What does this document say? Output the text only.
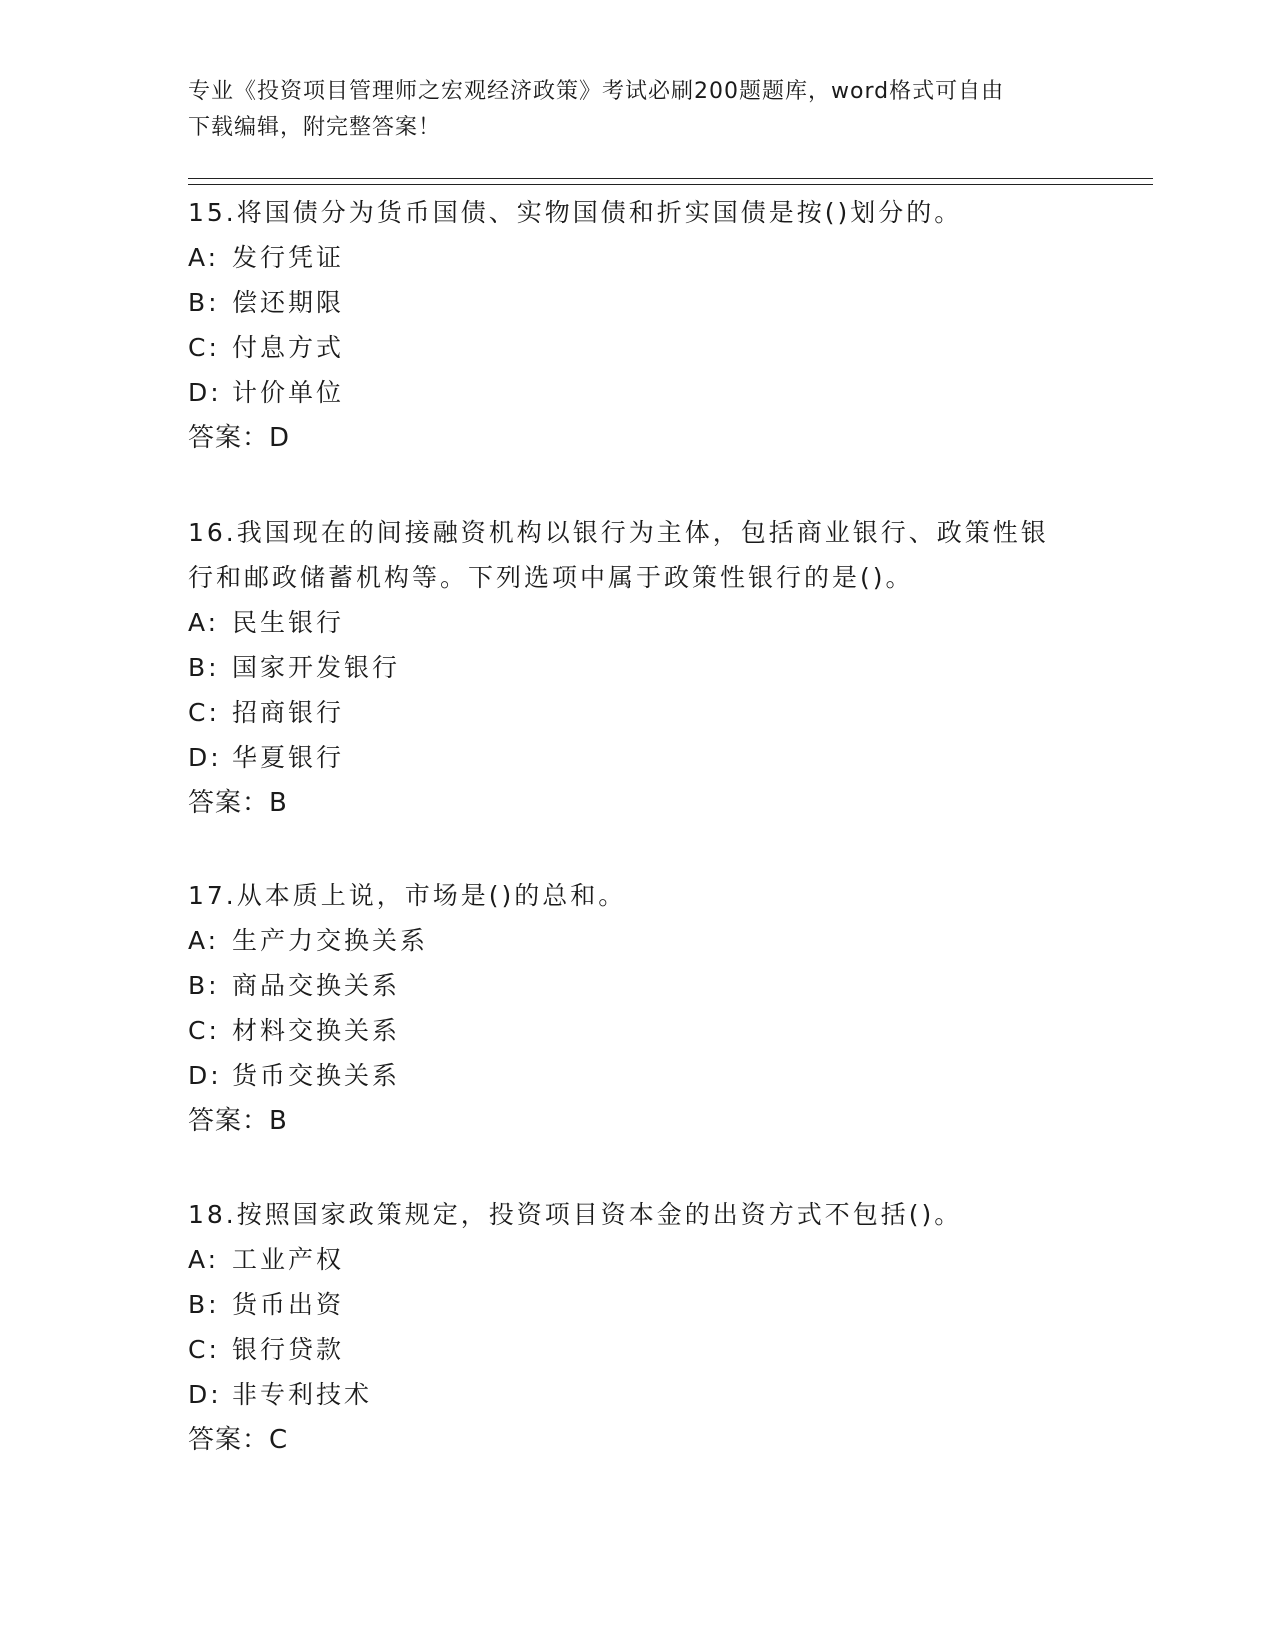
专业《投资项目管理师之宏观经济政策》考试必刷200题题库，word格式可自由
下载编辑，附完整答案！
15.将国债分为货币国债、实物国债和折实国债是按()划分的。
A: 发行凭证
B: 偿还期限
C: 付息方式
D: 计价单位
答案：D
16.我国现在的间接融资机构以银行为主体，包括商业银行、政策性银
行和邮政储蓄机构等。下列选项中属于政策性银行的是()。
A: 民生银行
B: 国家开发银行
C: 招商银行
D: 华夏银行
答案：B
17.从本质上说，市场是()的总和。
A: 生产力交换关系
B: 商品交换关系
C: 材料交换关系
D: 货币交换关系
答案：B
18.按照国家政策规定，投资项目资本金的出资方式不包括()。
A: 工业产权
B: 货币出资
C: 银行贷款
D: 非专利技术
答案：C
